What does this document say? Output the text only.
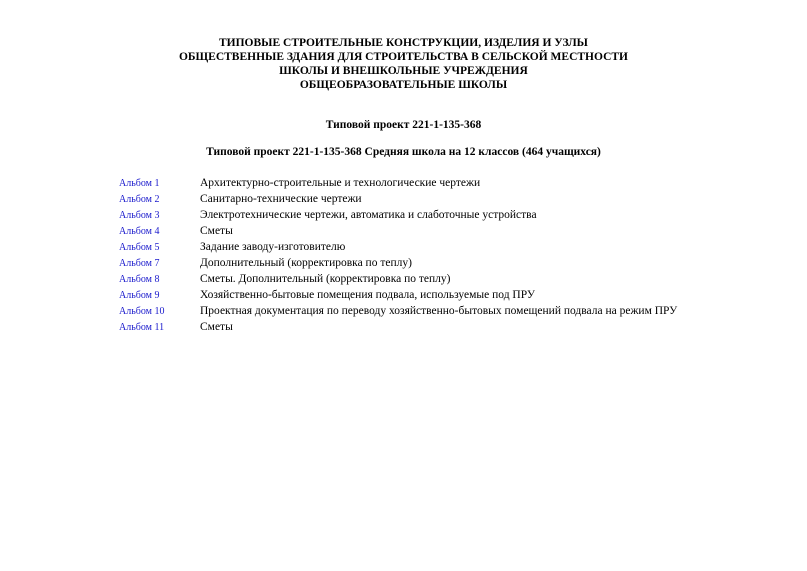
ТИПОВЫЕ СТРОИТЕЛЬНЫЕ КОНСТРУКЦИИ, ИЗДЕЛИЯ И УЗЛЫ
ОБЩЕСТВЕННЫЕ ЗДАНИЯ ДЛЯ СТРОИТЕЛЬСТВА В СЕЛЬСКОЙ МЕСТНОСТИ
ШКОЛЫ И ВНЕШКОЛЬНЫЕ УЧРЕЖДЕНИЯ
ОБЩЕОБРАЗОВАТЕЛЬНЫЕ ШКОЛЫ
Типовой проект 221-1-135-368
Типовой проект 221-1-135-368 Средняя школа на 12 классов (464 учащихся)
Альбом 1	Архитектурно-строительные и технологические чертежи
Альбом 2	Санитарно-технические чертежи
Альбом 3	Электротехнические чертежи, автоматика и слаботочные устройства
Альбом 4	Сметы
Альбом 5	Задание заводу-изготовителю
Альбом 7	Дополнительный (корректировка по теплу)
Альбом 8	Сметы. Дополнительный (корректировка по теплу)
Альбом 9	Хозяйственно-бытовые помещения подвала, используемые под ПРУ
Альбом 10	Проектная документация по переводу хозяйственно-бытовых помещений подвала на режим ПРУ
Альбом 11	Сметы
